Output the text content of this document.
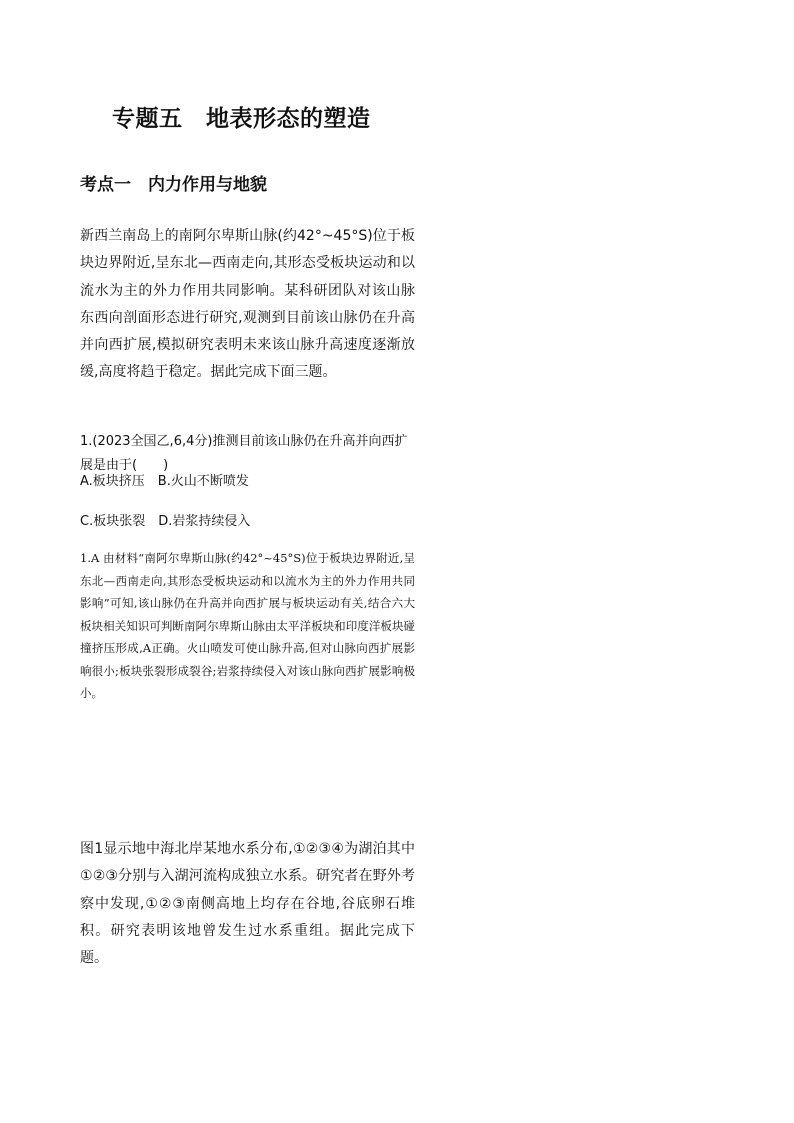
专题五　地表形态的塑造
考点一　内力作用与地貌
新西兰南岛上的南阿尔卑斯山脉(约42°~45°S)位于板块边界附近,呈东北—西南走向,其形态受板块运动和以流水为主的外力作用共同影响。某科研团队对该山脉东西向剖面形态进行研究,观测到目前该山脉仍在升高并向西扩展,模拟研究表明未来该山脉升高速度逐渐放缓,高度将趋于稳定。据此完成下面三题。
1.(2023全国乙,6,4分)推测目前该山脉仍在升高并向西扩展是由于(　　)
A.板块挤压　B.火山不断喷发
C.板块张裂　D.岩浆持续侵入
1.A 由材料“南阿尔卑斯山脉(约42°~45°S)位于板块边界附近,呈东北—西南走向,其形态受板块运动和以流水为主的外力作用共同影响”可知,该山脉仍在升高并向西扩展与板块运动有关,结合六大板块相关知识可判断南阿尔卑斯山脉由太平洋板块和印度洋板块碰撞挤压形成,A正确。火山喷发可使山脉升高,但对山脉向西扩展影响很小;板块张裂形成裂谷;岩浆持续侵入对该山脉向西扩展影响极小。
图1显示地中海北岸某地水系分布,①②③④为湖泊其中①②③分别与入湖河流构成独立水系。研究者在野外考察中发现,①②③南侧高地上均存在谷地,谷底卵石堆积。研究表明该地曾发生过水系重组。据此完成下题。
